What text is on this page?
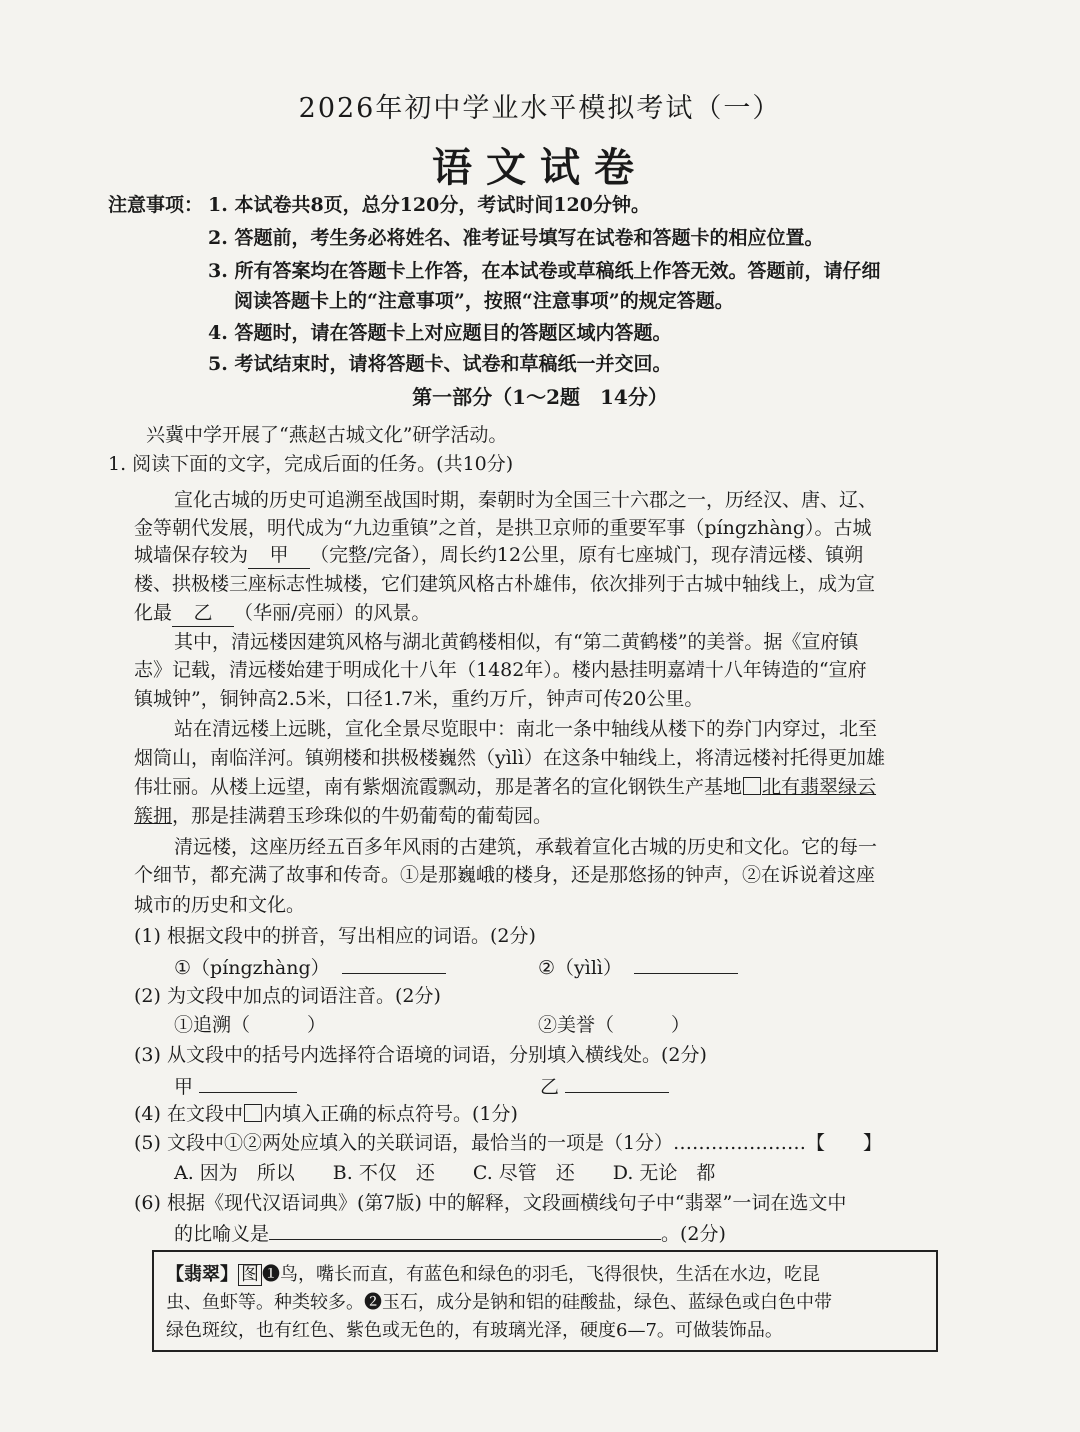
2026年初中学业水平模拟考试（一）
语文试卷
注意事项： 1. 本试卷共8页，总分120分，考试时间120分钟。
2. 答题前，考生务必将姓名、准考证号填写在试卷和答题卡的相应位置。
3. 所有答案均在答题卡上作答，在本试卷或草稿纸上作答无效。答题前，请仔细
阅读答题卡上的“注意事项”，按照“注意事项”的规定答题。
4. 答题时，请在答题卡上对应题目的答题区域内答题。
5. 考试结束时，请将答题卡、试卷和草稿纸一并交回。
第一部分（1～2题　14分）
兴冀中学开展了“燕赵古城文化”研学活动。
1. 阅读下面的文字，完成后面的任务。(共10分)
宣化古城的历史可追溯至战国时期，秦朝时为全国三十六郡之一，历经汉、唐、辽、
金等朝代发展，明代成为“九边重镇”之首，是拱卫京师的重要军事（píngzhàng）。古城
城墙保存较为 甲 （完整/完备），周长约12公里，原有七座城门，现存清远楼、镇朔
楼、拱极楼三座标志性城楼，它们建筑风格古朴雄伟，依次排列于古城中轴线上，成为宣
化最 乙 （华丽/亮丽）的风景。
其中，清远楼因建筑风格与湖北黄鹤楼相似，有“第二黄鹤楼”的美誉。据《宣府镇
志》记载，清远楼始建于明成化十八年（1482年）。楼内悬挂明嘉靖十八年铸造的“宣府
镇城钟”，铜钟高2.5米，口径1.7米，重约万斤，钟声可传20公里。
站在清远楼上远眺，宣化全景尽览眼中：南北一条中轴线从楼下的券门内穿过，北至
烟筒山，南临洋河。镇朔楼和拱极楼巍然（yìlì）在这条中轴线上，将清远楼衬托得更加雄
伟壮丽。从楼上远望，南有紫烟流霞飘动，那是著名的宣化钢铁生产基地 北有翡翠绿云
簇拥，那是挂满碧玉珍珠似的牛奶葡萄的葡萄园。
清远楼，这座历经五百多年风雨的古建筑，承载着宣化古城的历史和文化。它的每一
个细节，都充满了故事和传奇。①是那巍峨的楼身，还是那悠扬的钟声，②在诉说着这座
城市的历史和文化。
(1) 根据文段中的拼音，写出相应的词语。(2分)
①（píngzhàng）	②（yìlì）
(2) 为文段中加点的词语注音。(2分)
①追溯（　　　）	②美誉（　　　）
(3) 从文段中的括号内选择符合语境的词语，分别填入横线处。(2分)
甲	乙
(4) 在文段中 内填入正确的标点符号。(1分)
(5) 文段中①②两处应填入的关联词语，最恰当的一项是（1分）…………………【　　】
A. 因为　所以　　B. 不仅　还　　C. 尽管　还　　D. 无论　都
(6) 根据《现代汉语词典》(第7版) 中的解释，文段画横线句子中“翡翠”一词在选文中
的比喻义是	。(2分)
【翡翠】 图 ❶鸟，嘴长而直，有蓝色和绿色的羽毛，飞得很快，生活在水边，吃昆
虫、鱼虾等。种类较多。❷玉石，成分是钠和铝的硅酸盐，绿色、蓝绿色或白色中带
绿色斑纹，也有红色、紫色或无色的，有玻璃光泽，硬度6—7。可做装饰品。
